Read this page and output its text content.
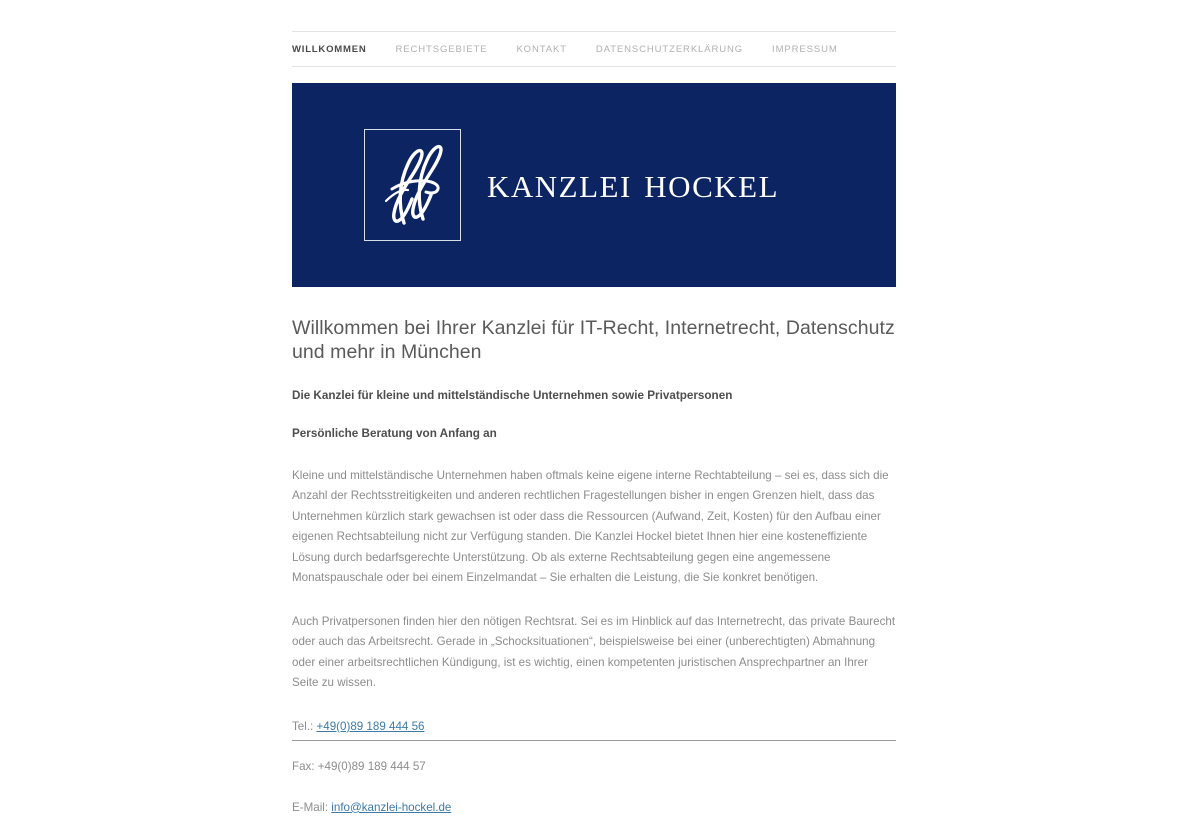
WILLKOMMEN	RECHTSGEBIETE	KONTAKT	DATENSCHUTZERKLÄRUNG	IMPRESSUM
kanzlei hockel
Willkommen bei Ihrer Kanzlei für IT-Recht, Internetrecht, Datenschutz und mehr in München

Die Kanzlei für kleine und mittelständische Unternehmen sowie Privatpersonen

Persönliche Beratung von Anfang an

Kleine und mittelständische Unternehmen haben oftmals keine eigene interne Rechtabteilung – sei es, dass sich die Anzahl der Rechtsstreitigkeiten und anderen rechtlichen Fragestellungen bisher in engen Grenzen hielt, dass das Unternehmen kürzlich stark gewachsen ist oder dass die Ressourcen (Aufwand, Zeit, Kosten) für den Aufbau einer eigenen Rechtsabteilung nicht zur Verfügung standen. Die Kanzlei Hockel bietet Ihnen hier eine kosteneffiziente Lösung durch bedarfsgerechte Unterstützung. Ob als externe Rechtsabteilung gegen eine angemessene Monatspauschale oder bei einem Einzelmandat – Sie erhalten die Leistung, die Sie konkret benötigen.

Auch Privatpersonen finden hier den nötigen Rechtsrat. Sei es im Hinblick auf das Internetrecht, das private Baurecht oder auch das Arbeitsrecht. Gerade in „Schocksituationen“, beispielsweise bei einer (unberechtigten) Abmahnung oder einer arbeitsrechtlichen Kündigung, ist es wichtig, einen kompetenten juristischen Ansprechpartner an Ihrer Seite zu wissen.

Tel.: +49(0)89 189 444 56

Fax: +49(0)89 189 444 57

E-Mail: info@kanzlei-hockel.de
